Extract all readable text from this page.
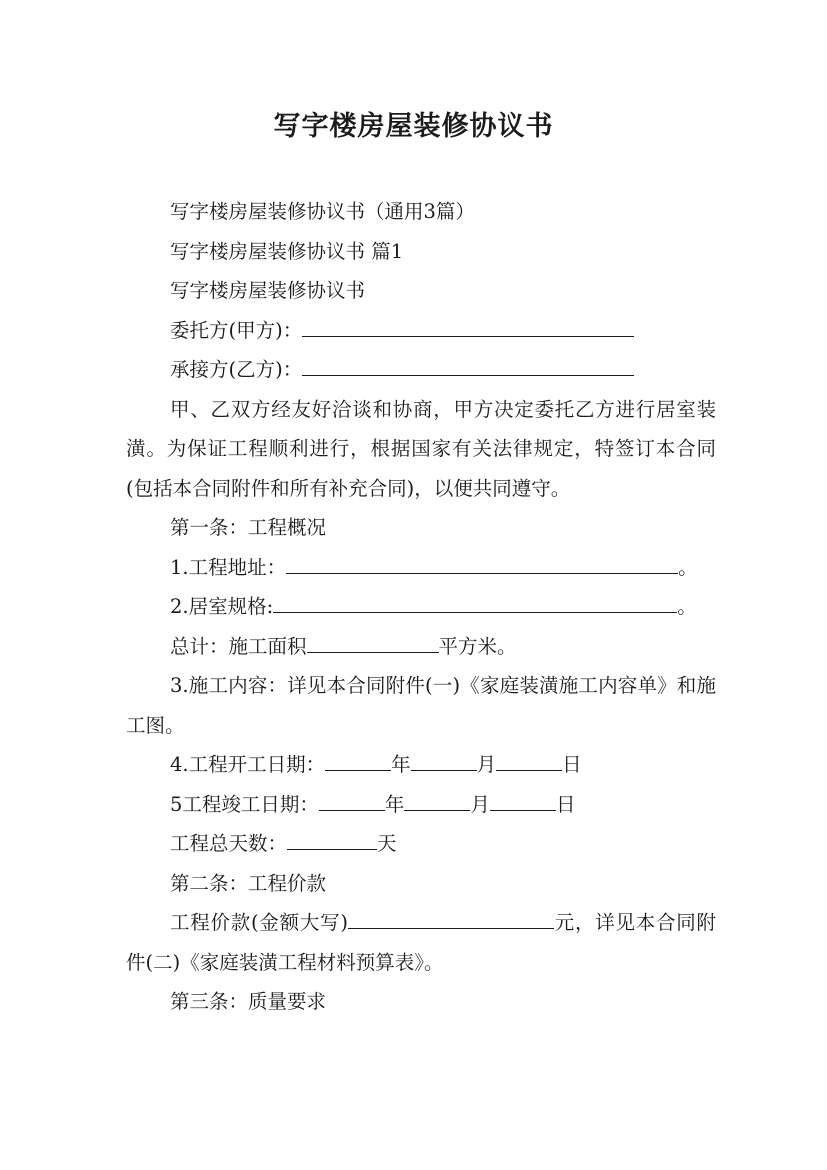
写字楼房屋装修协议书

写字楼房屋装修协议书（通用3篇）

写字楼房屋装修协议书 篇1

写字楼房屋装修协议书

委托方(甲方)：

承接方(乙方)：

甲、乙双方经友好洽谈和协商，甲方决定委托乙方进行居室装潢。为保证工程顺利进行，根据国家有关法律规定，特签订本合同(包括本合同附件和所有补充合同)，以便共同遵守。

第一条：工程概况

1.工程地址：	。

2.居室规格:	。

总计：施工面积	平方米。

3.施工内容：详见本合同附件(一)《家庭装潢施工内容单》和施工图。

4.工程开工日期：	年	月	日

5工程竣工日期：	年	月	日

工程总天数：	天

第二条：工程价款

工程价款(金额大写)	元，详见本合同附件(二)《家庭装潢工程材料预算表》。

第三条：质量要求
